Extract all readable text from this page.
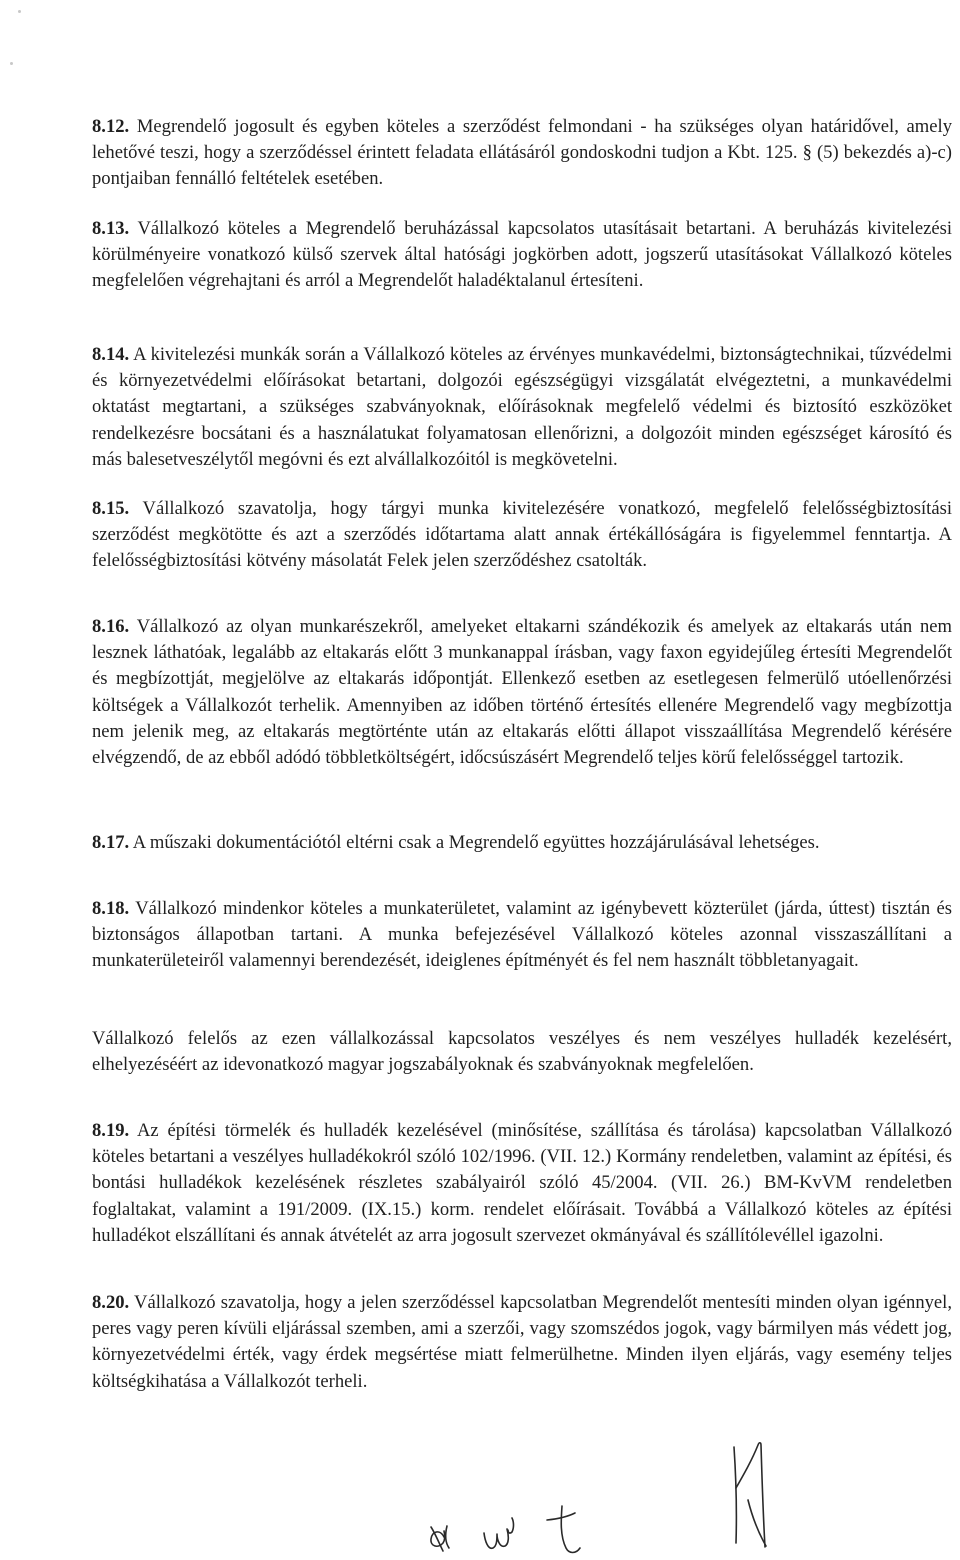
8.12. Megrendelő jogosult és egyben köteles a szerződést felmondani - ha szükséges olyan határidővel, amely lehetővé teszi, hogy a szerződéssel érintett feladata ellátásáról gondoskodni tudjon a Kbt. 125. § (5) bekezdés a)-c) pontjaiban fennálló feltételek esetében.

8.13. Vállalkozó köteles a Megrendelő beruházással kapcsolatos utasításait betartani. A beruházás kivitelezési körülményeire vonatkozó külső szervek által hatósági jogkörben adott, jogszerű utasításokat Vállalkozó köteles megfelelően végrehajtani és arról a Megrendelőt haladéktalanul értesíteni.

8.14. A kivitelezési munkák során a Vállalkozó köteles az érvényes munkavédelmi, biztonságtechnikai, tűzvédelmi és környezetvédelmi előírásokat betartani, dolgozói egészségügyi vizsgálatát elvégeztetni, a munkavédelmi oktatást megtartani, a szükséges szabványoknak, előírásoknak megfelelő védelmi és biztosító eszközöket rendelkezésre bocsátani és a használatukat folyamatosan ellenőrizni, a dolgozóit minden egészséget károsító és más balesetveszélytől megóvni és ezt alvállalkozóitól is megkövetelni.

8.15. Vállalkozó szavatolja, hogy tárgyi munka kivitelezésére vonatkozó, megfelelő felelősségbiztosítási szerződést megkötötte és azt a szerződés időtartama alatt annak értékállóságára is figyelemmel fenntartja. A felelősségbiztosítási kötvény másolatát Felek jelen szerződéshez csatolták.

8.16. Vállalkozó az olyan munkarészekről, amelyeket eltakarni szándékozik és amelyek az eltakarás után nem lesznek láthatóak, legalább az eltakarás előtt 3 munkanappal írásban, vagy faxon egyidejűleg értesíti Megrendelőt és megbízottját, megjelölve az eltakarás időpontját. Ellenkező esetben az esetlegesen felmerülő utóellenőrzési költségek a Vállalkozót terhelik. Amennyiben az időben történő értesítés ellenére Megrendelő vagy megbízottja nem jelenik meg, az eltakarás megtörténte után az eltakarás előtti állapot visszaállítása Megrendelő kérésére elvégzendő, de az ebből adódó többletköltségért, időcsúszásért Megrendelő teljes körű felelősséggel tartozik.

8.17. A műszaki dokumentációtól eltérni csak a Megrendelő együttes hozzájárulásával lehetséges.

8.18. Vállalkozó mindenkor köteles a munkaterületet, valamint az igénybevett közterület (járda, úttest) tisztán és biztonságos állapotban tartani. A munka befejezésével Vállalkozó köteles azonnal visszaszállítani a munkaterületeiről valamennyi berendezését, ideiglenes építményét és fel nem használt többletanyagait.

Vállalkozó felelős az ezen vállalkozással kapcsolatos veszélyes és nem veszélyes hulladék kezelésért, elhelyezéséért az idevonatkozó magyar jogszabályoknak és szabványoknak megfelelően.

8.19. Az építési törmelék és hulladék kezelésével (minősítése, szállítása és tárolása) kapcsolatban Vállalkozó köteles betartani a veszélyes hulladékokról szóló 102/1996. (VII. 12.) Kormány rendeletben, valamint az építési, és bontási hulladékok kezelésének részletes szabályairól szóló 45/2004. (VII. 26.) BM-KvVM rendeletben foglaltakat, valamint a 191/2009. (IX.15.) korm. rendelet előírásait. Továbbá a Vállalkozó köteles az építési hulladékot elszállítani és annak átvételét az arra jogosult szervezet okmányával és szállítólevéllel igazolni.

8.20. Vállalkozó szavatolja, hogy a jelen szerződéssel kapcsolatban Megrendelőt mentesíti minden olyan igénnyel, peres vagy peren kívüli eljárással szemben, ami a szerzői, vagy szomszédos jogok, vagy bármilyen más védett jog, környezetvédelmi érték, vagy érdek megsértése miatt felmerülhetne. Minden ilyen eljárás, vagy esemény teljes költségkihatása a Vállalkozót terheli.
